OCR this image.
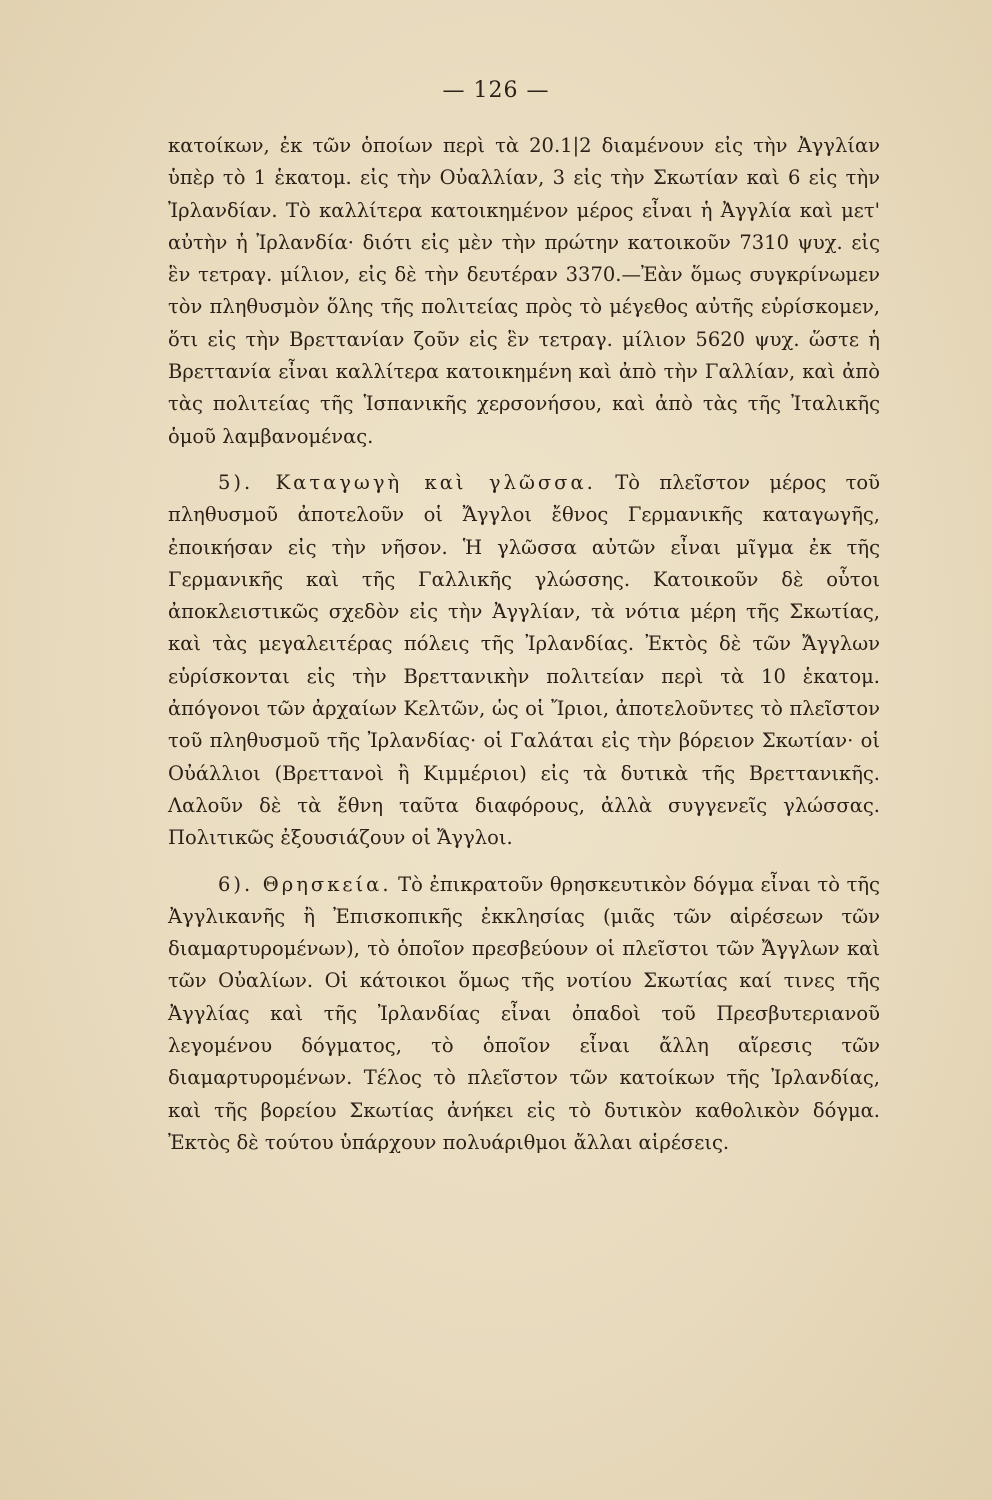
— 126 —

κατοίκων, ἐκ τῶν ὁποίων περὶ τὰ 20.1|2 διαμένουν εἰς τὴν Ἀγγλίαν ὑπὲρ τὸ 1 ἑκατομ. εἰς τὴν Οὐαλλίαν, 3 εἰς τὴν Σκωτίαν καὶ 6 εἰς τὴν Ἰρλανδίαν. Τὸ καλλίτερα κατοικημένον μέρος εἶναι ἡ Ἀγγλία καὶ μετ' αὐτὴν ἡ Ἰρλανδία· διότι εἰς μὲν τὴν πρώτην κατοικοῦν 7310 ψυχ. εἰς ἓν τετραγ. μίλιον, εἰς δὲ τὴν δευτέραν 3370.—Ἐὰν ὅμως συγκρίνωμεν τὸν πληθυσμὸν ὅλης τῆς πολιτείας πρὸς τὸ μέγεθος αὐτῆς εὑρίσκομεν, ὅτι εἰς τὴν Βρεττανίαν ζοῦν εἰς ἓν τετραγ. μίλιον 5620 ψυχ. ὥστε ἡ Βρεττανία εἶναι καλλίτερα κατοικημένη καὶ ἀπὸ τὴν Γαλλίαν, καὶ ἀπὸ τὰς πολιτείας τῆς Ἱσπανικῆς χερσονήσου, καὶ ἀπὸ τὰς τῆς Ἰταλικῆς ὁμοῦ λαμβανομένας.

5). Καταγωγὴ καὶ γλῶσσα. Τὸ πλεῖστον μέρος τοῦ πληθυσμοῦ ἀποτελοῦν οἱ Ἄγγλοι ἔθνος Γερμανικῆς καταγωγῆς, ἐποικήσαν εἰς τὴν νῆσον. Ἡ γλῶσσα αὐτῶν εἶναι μῖγμα ἐκ τῆς Γερμανικῆς καὶ τῆς Γαλλικῆς γλώσσης. Κατοικοῦν δὲ οὗτοι ἀποκλειστικῶς σχεδὸν εἰς τὴν Ἀγγλίαν, τὰ νότια μέρη τῆς Σκωτίας, καὶ τὰς μεγαλειτέρας πόλεις τῆς Ἰρλανδίας. Ἐκτὸς δὲ τῶν Ἄγγλων εὑρίσκονται εἰς τὴν Βρεττανικὴν πολιτείαν περὶ τὰ 10 ἑκατομ. ἀπόγονοι τῶν ἀρχαίων Κελτῶν, ὡς οἱ Ἴριοι, ἀποτελοῦντες τὸ πλεῖστον τοῦ πληθυσμοῦ τῆς Ἰρλανδίας· οἱ Γαλάται εἰς τὴν βόρειον Σκωτίαν· οἱ Οὐάλλιοι (Βρεττανοὶ ἢ Κιμμέριοι) εἰς τὰ δυτικὰ τῆς Βρεττανικῆς. Λαλοῦν δὲ τὰ ἔθνη ταῦτα διαφόρους, ἀλλὰ συγγενεῖς γλώσσας. Πολιτικῶς ἐξουσιάζουν οἱ Ἄγγλοι.

6). Θρησκεία. Τὸ ἐπικρατοῦν θρησκευτικὸν δόγμα εἶναι τὸ τῆς Ἀγγλικανῆς ἢ Ἐπισκοπικῆς ἐκκλησίας (μιᾶς τῶν αἱρέσεων τῶν διαμαρτυρομένων), τὸ ὁποῖον πρεσβεύουν οἱ πλεῖστοι τῶν Ἄγγλων καὶ τῶν Οὐαλίων. Οἱ κάτοικοι ὅμως τῆς νοτίου Σκωτίας καί τινες τῆς Ἀγγλίας καὶ τῆς Ἰρλανδίας εἶναι ὀπαδοὶ τοῦ Πρεσβυτεριανοῦ λεγομένου δόγματος, τὸ ὁποῖον εἶναι ἄλλη αἵρεσις τῶν διαμαρτυρομένων. Τέλος τὸ πλεῖστον τῶν κατοίκων τῆς Ἰρλανδίας, καὶ τῆς βορείου Σκωτίας ἀνήκει εἰς τὸ δυτικὸν καθολικὸν δόγμα. Ἐκτὸς δὲ τούτου ὑπάρχουν πολυάριθμοι ἄλλαι αἱρέσεις.
